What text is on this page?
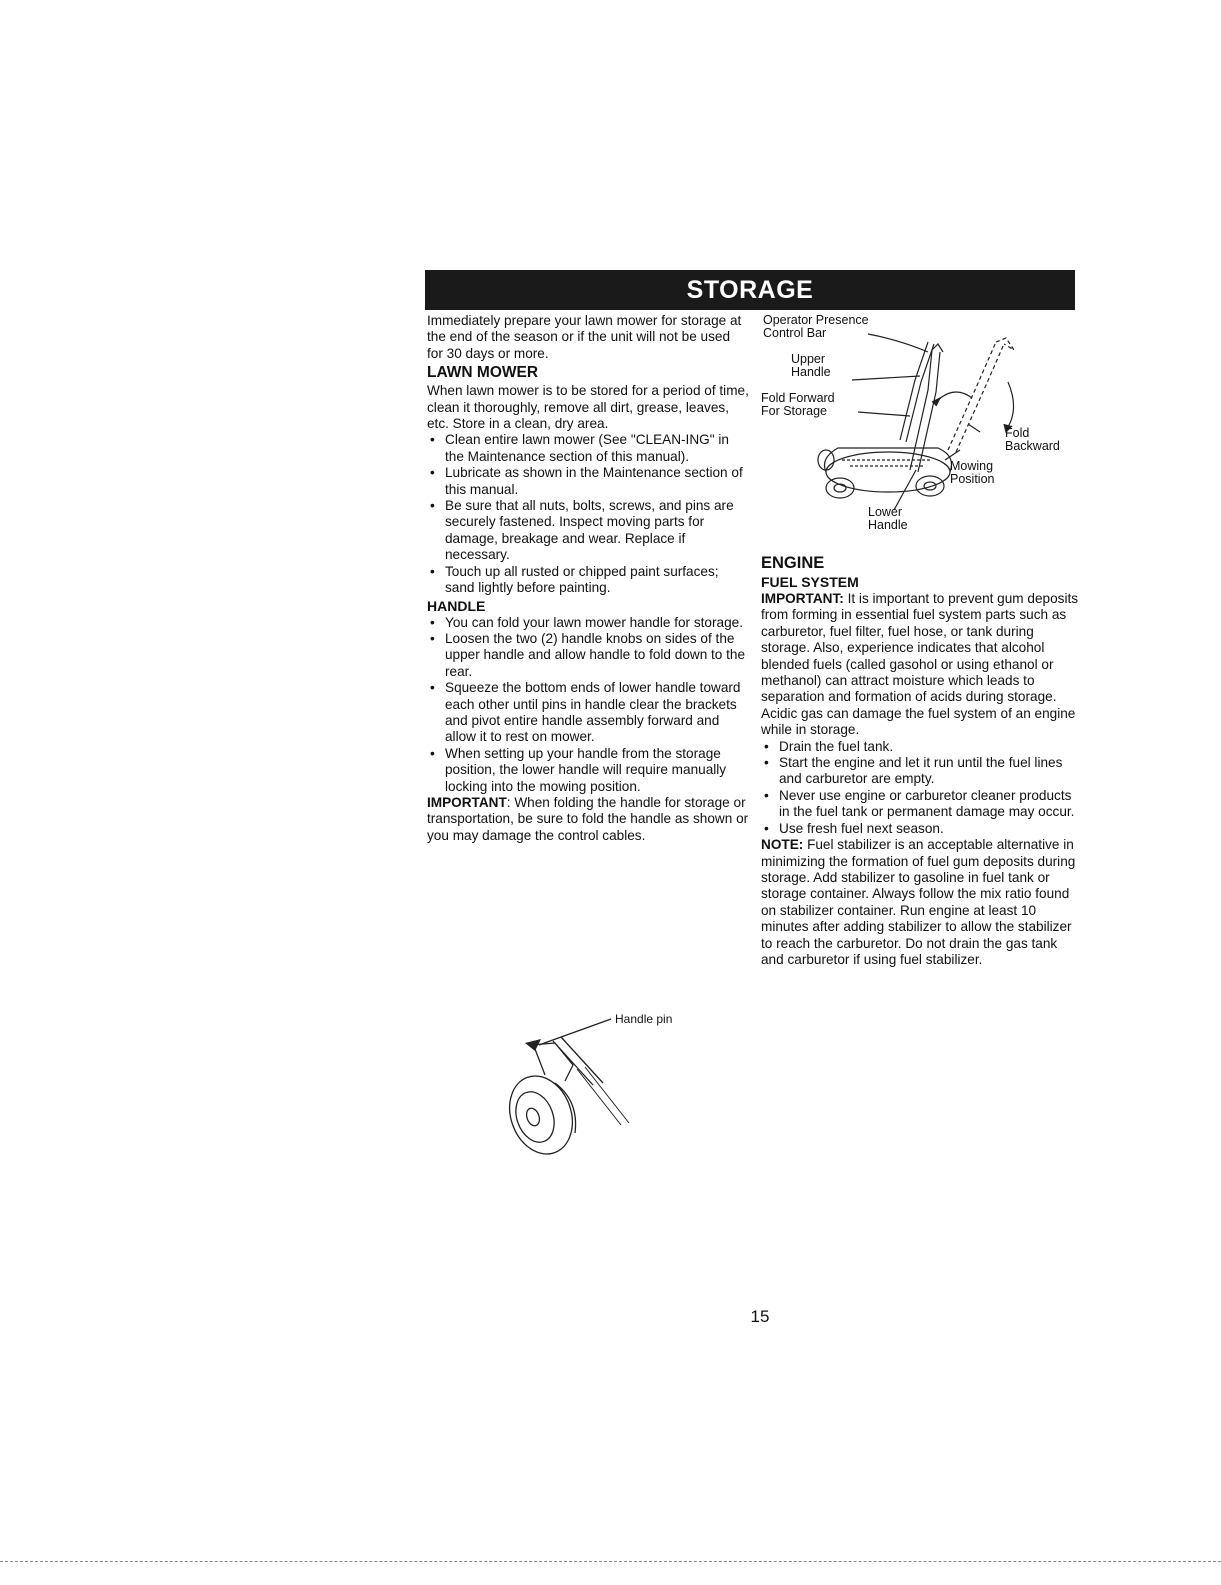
STORAGE

Immediately prepare your lawn mower for storage at the end of the season or if the unit will not be used for 30 days or more.

LAWN MOWER

When lawn mower is to be stored for a period of time, clean it thoroughly, remove all dirt, grease, leaves, etc. Store in a clean, dry area.

• Clean entire lawn mower (See "CLEAN-ING" in the Maintenance section of this manual).
• Lubricate as shown in the Maintenance section of this manual.
• Be sure that all nuts, bolts, screws, and pins are securely fastened. Inspect moving parts for damage, breakage and wear. Replace if necessary.
• Touch up all rusted or chipped paint surfaces; sand lightly before painting.
HANDLE
• You can fold your lawn mower handle for storage.
• Loosen the two (2) handle knobs on sides of the upper handle and allow handle to fold down to the rear.
• Squeeze the bottom ends of lower handle toward each other until pins in handle clear the brackets and pivot entire handle assembly forward and allow it to rest on mower.
• When setting up your handle from the storage position, the lower handle will require manually locking into the mowing position.

IMPORTANT: When folding the handle for storage or transportation, be sure to fold the handle as shown or you may damage the control cables.

Operator Presence
Control Bar
Upper
Handle
Fold Forward
For Storage
Fold
Backward
Mowing
Position
Lower
Handle
ENGINE
FUEL SYSTEM

IMPORTANT: It is important to prevent gum deposits from forming in essential fuel system parts such as carburetor, fuel filter, fuel hose, or tank during storage. Also, experience indicates that alcohol blended fuels (called gasohol or using ethanol or methanol) can attract moisture which leads to separation and formation of acids during storage. Acidic gas can damage the fuel system of an engine while in storage.

• Drain the fuel tank.
• Start the engine and let it run until the fuel lines and carburetor are empty.
• Never use engine or carburetor cleaner products in the fuel tank or permanent damage may occur.
• Use fresh fuel next season.

NOTE: Fuel stabilizer is an acceptable alternative in minimizing the formation of fuel gum deposits during storage. Add stabilizer to gasoline in fuel tank or storage container. Always follow the mix ratio found on stabilizer container. Run engine at least 10 minutes after adding stabilizer to allow the stabilizer to reach the carburetor. Do not drain the gas tank and carburetor if using fuel stabilizer.

Handle pin
15
